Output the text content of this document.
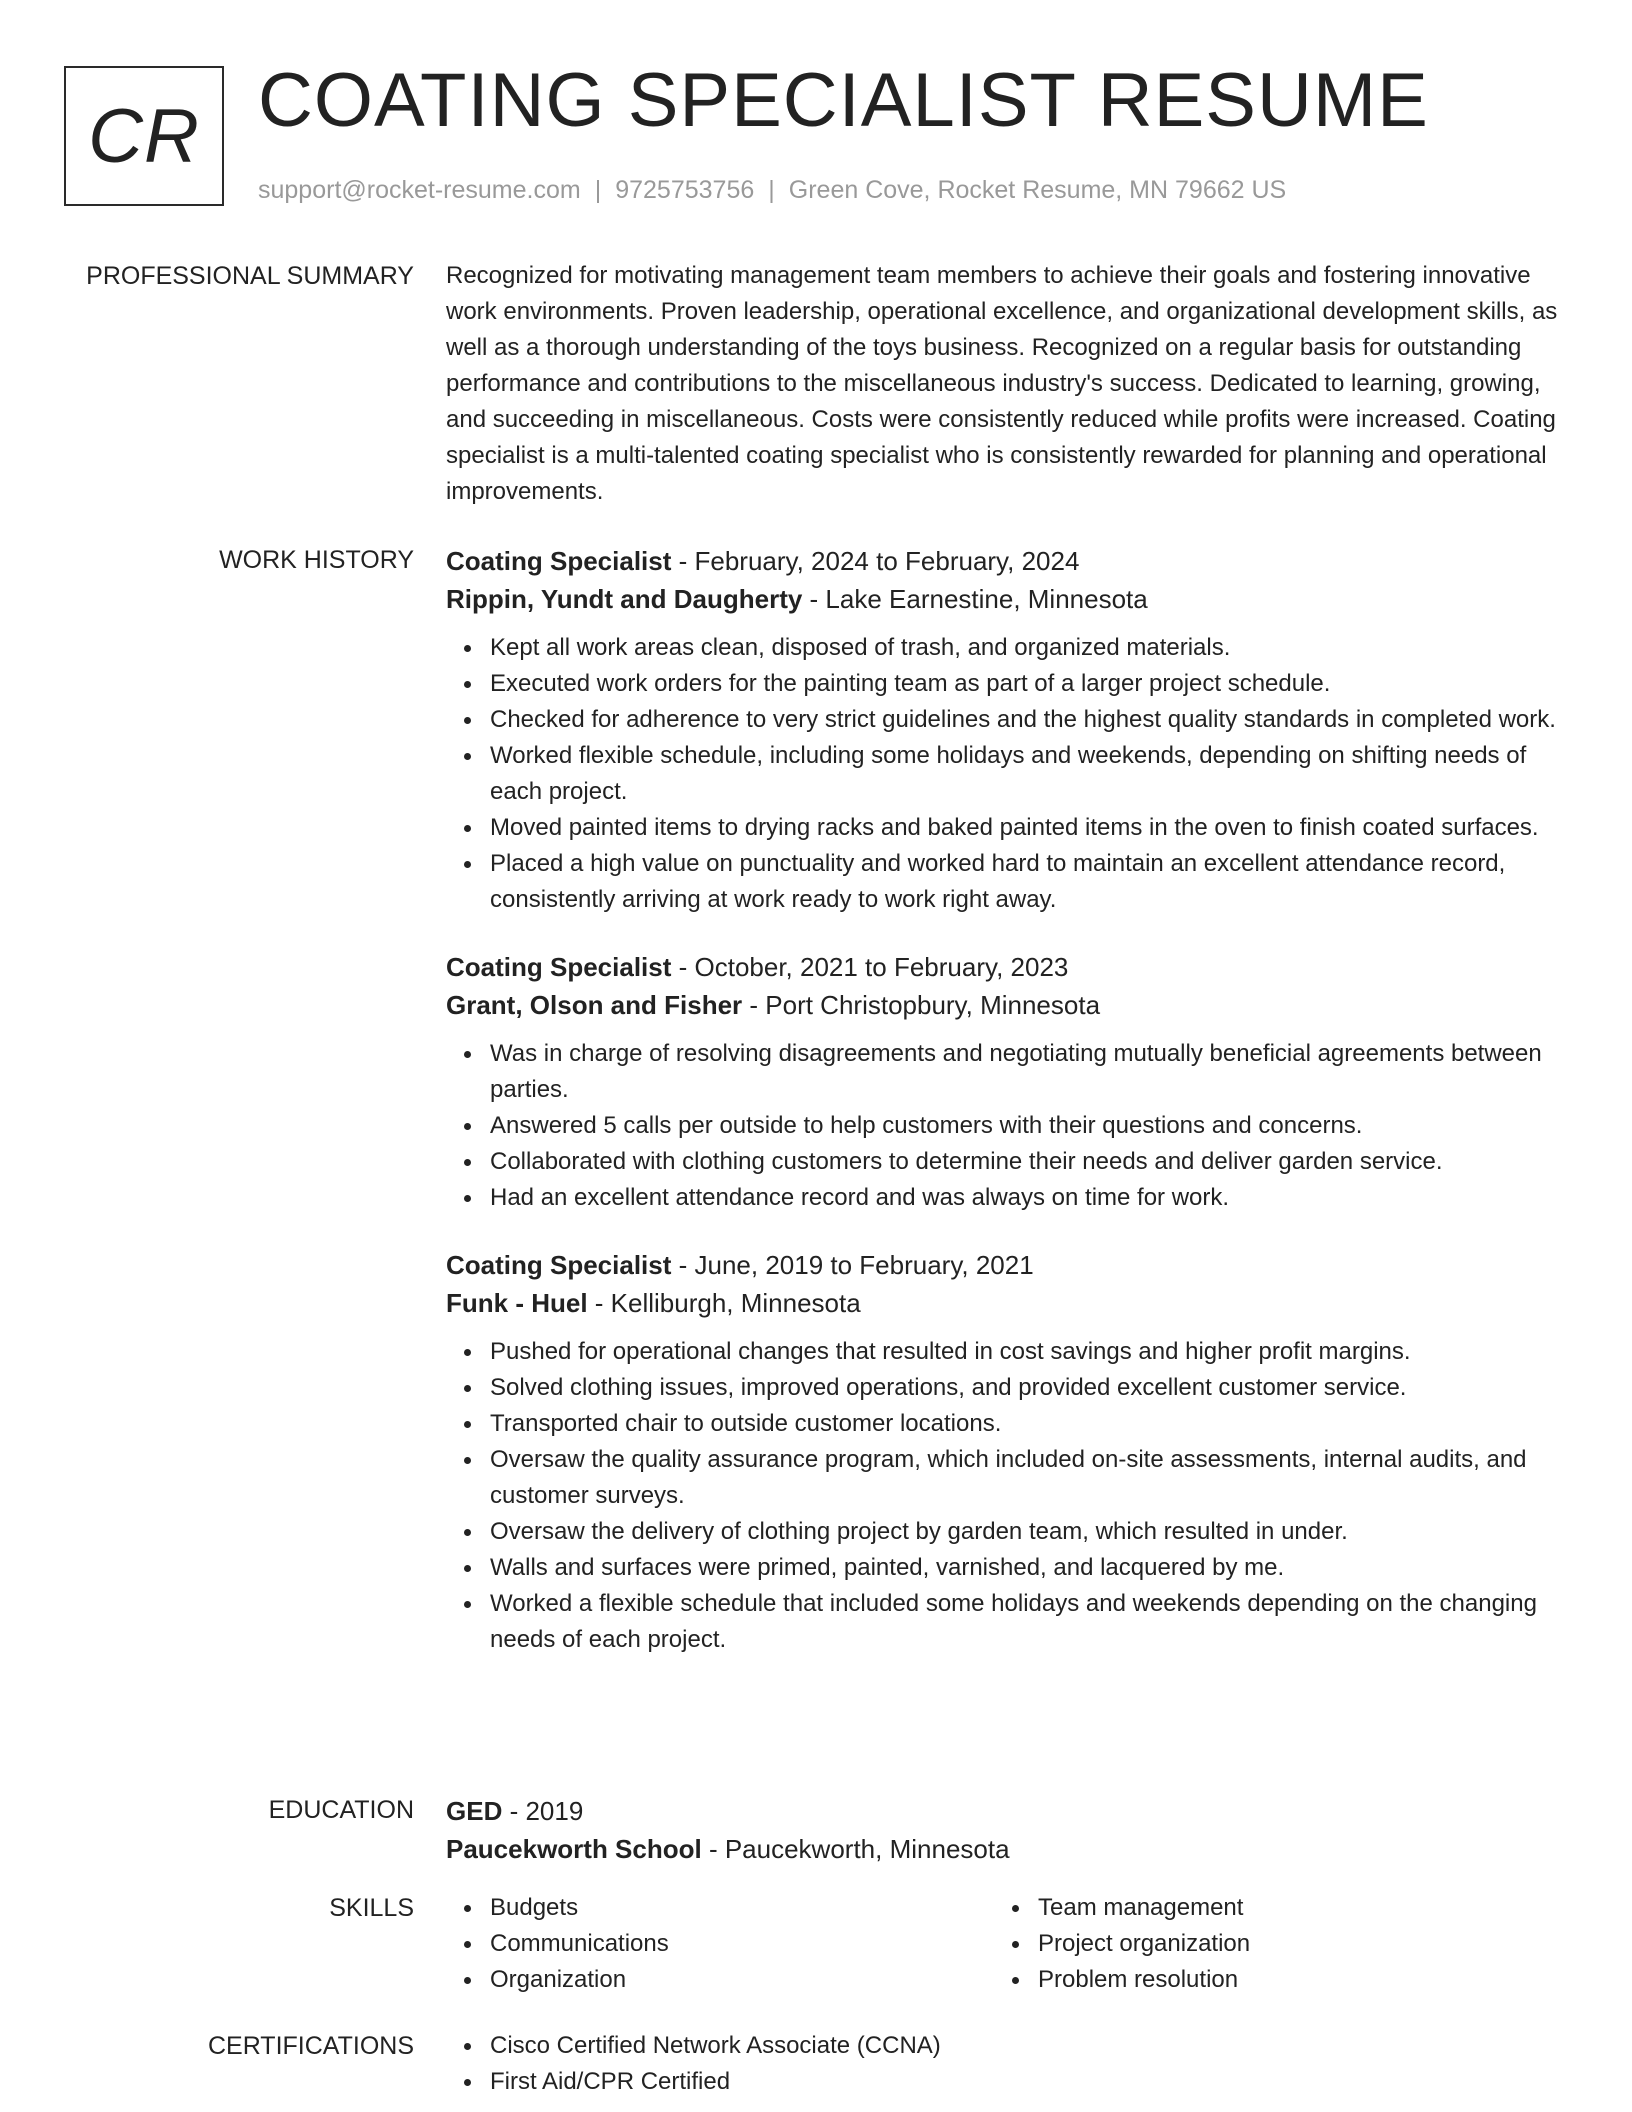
CR COATING SPECIALIST RESUME
support@rocket-resume.com | 9725753756 | Green Cove, Rocket Resume, MN 79662 US
PROFESSIONAL SUMMARY Recognized for motivating management team members to achieve their goals and fostering innovative work environments. Proven leadership, operational excellence, and organizational development skills, as well as a thorough understanding of the toys business. Recognized on a regular basis for outstanding performance and contributions to the miscellaneous industry's success. Dedicated to learning, growing, and succeeding in miscellaneous. Costs were consistently reduced while profits were increased. Coating specialist is a multi-talented coating specialist who is consistently rewarded for planning and operational improvements.

WORK HISTORY Coating Specialist - February, 2024 to February, 2024
Rippin, Yundt and Daugherty - Lake Earnestine, Minnesota
Kept all work areas clean, disposed of trash, and organized materials.
Executed work orders for the painting team as part of a larger project schedule.
Checked for adherence to very strict guidelines and the highest quality standards in completed work.
Worked flexible schedule, including some holidays and weekends, depending on shifting needs of each project.
Moved painted items to drying racks and baked painted items in the oven to finish coated surfaces.
Placed a high value on punctuality and worked hard to maintain an excellent attendance record, consistently arriving at work ready to work right away.
Coating Specialist - October, 2021 to February, 2023
Grant, Olson and Fisher - Port Christopbury, Minnesota
Was in charge of resolving disagreements and negotiating mutually beneficial agreements between parties.
Answered 5 calls per outside to help customers with their questions and concerns.
Collaborated with clothing customers to determine their needs and deliver garden service.
Had an excellent attendance record and was always on time for work.
Coating Specialist - June, 2019 to February, 2021
Funk - Huel - Kelliburgh, Minnesota
Pushed for operational changes that resulted in cost savings and higher profit margins.
Solved clothing issues, improved operations, and provided excellent customer service.
Transported chair to outside customer locations.
Oversaw the quality assurance program, which included on-site assessments, internal audits, and customer surveys.
Oversaw the delivery of clothing project by garden team, which resulted in under.
Walls and surfaces were primed, painted, varnished, and lacquered by me.
Worked a flexible schedule that included some holidays and weekends depending on the changing needs of each project.
EDUCATION GED - 2019
Paucekworth School - Paucekworth, Minnesota
SKILLS	Budgets
Communications
Organization
Team management
Project organization
Problem resolution
CERTIFICATIONS	Cisco Certified Network Associate (CCNA)
First Aid/CPR Certified
